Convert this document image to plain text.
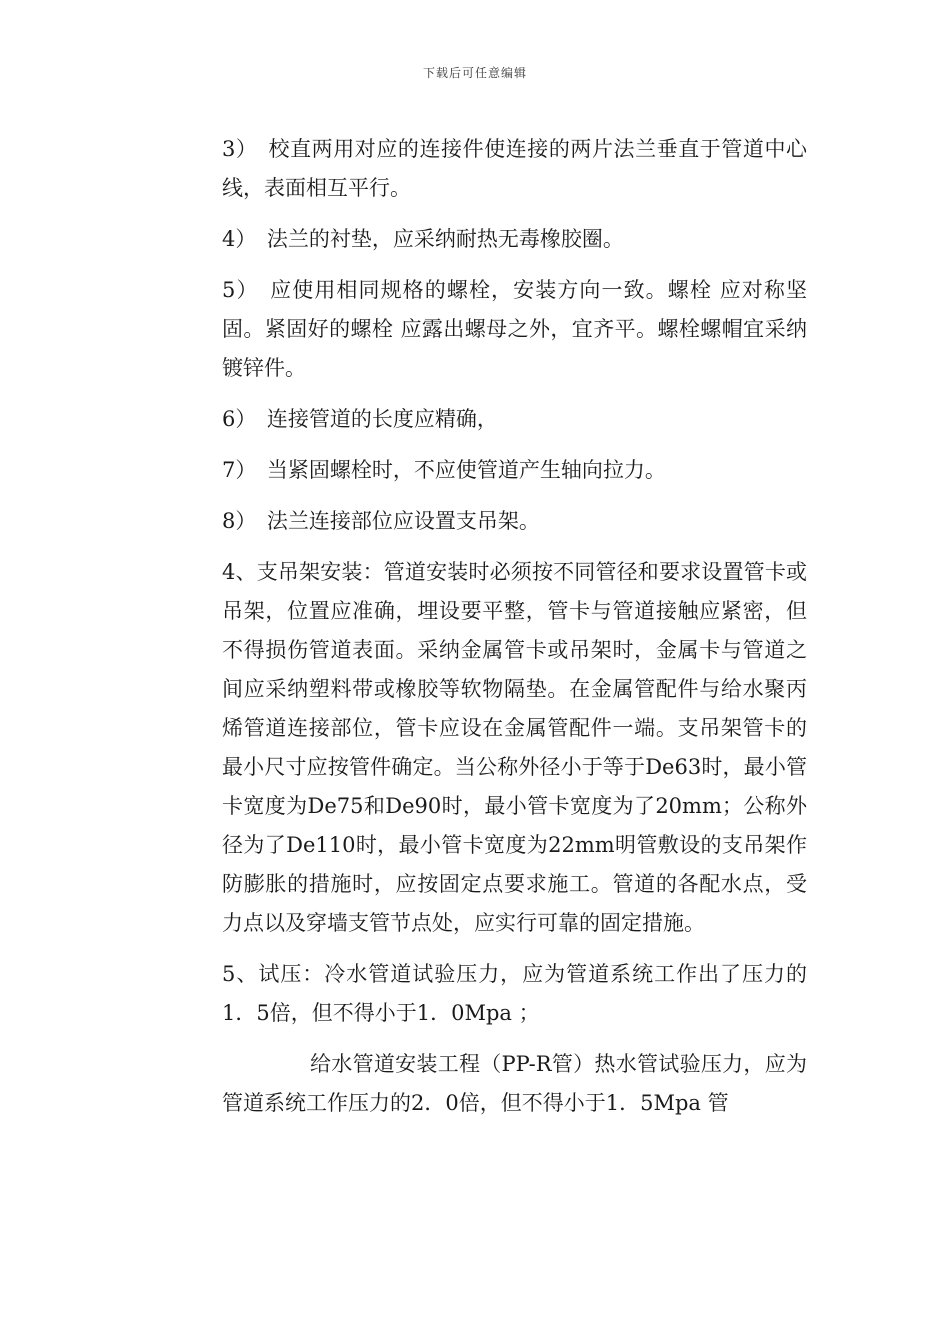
下载后可任意编辑

3）　校直两用对应的连接件使连接的两片法兰垂直于管道中心线，表面相互平行。

4）　法兰的衬垫，应采纳耐热无毒橡胶圈。

5）　应使用相同规格的螺栓，安装方向一致。螺栓 应对称坚固。紧固好的螺栓 应露出螺母之外，宜齐平。螺栓螺帽宜采纳镀锌件。

6）　连接管道的长度应精确，

7）　当紧固螺栓时，不应使管道产生轴向拉力。

8）　法兰连接部位应设置支吊架。

4、支吊架安装：管道安装时必须按不同管径和要求设置管卡或吊架，位置应准确，埋设要平整，管卡与管道接触应紧密，但不得损伤管道表面。采纳金属管卡或吊架时，金属卡与管道之间应采纳塑料带或橡胶等软物隔垫。在金属管配件与给水聚丙烯管道连接部位，管卡应设在金属管配件一端。支吊架管卡的最小尺寸应按管件确定。当公称外径小于等于De63时，最小管卡宽度为De75和De90时，最小管卡宽度为了20mm；公称外径为了De110时，最小管卡宽度为22mm明管敷设的支吊架作防膨胀的措施时，应按固定点要求施工。管道的各配水点，受力点以及穿墙支管节点处，应实行可靠的固定措施。

5、试压：冷水管道试验压力，应为管道系统工作出了压力的1．5倍，但不得小于1．0Mpa ；

给水管道安装工程（PP-R管）热水管试验压力，应为管道系统工作压力的2．0倍，但不得小于1．5Mpa 管
